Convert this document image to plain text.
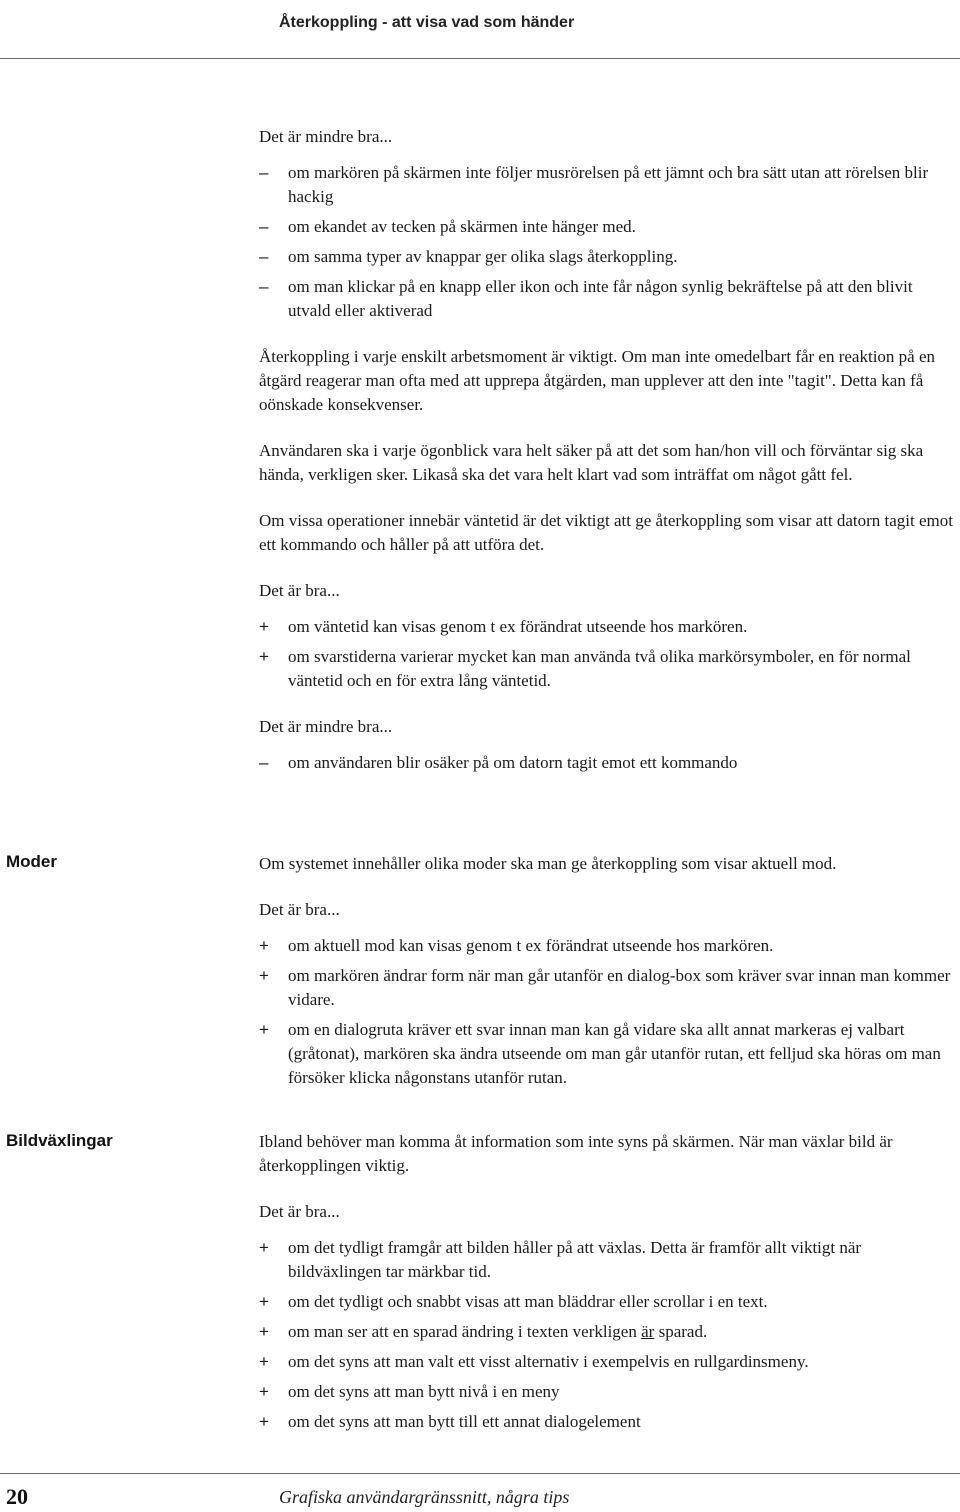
Återkoppling - att visa vad som händer
Moder
Bildväxlingar

Det är mindre bra...

–	om markören på skärmen inte följer musrörelsen på ett jämnt och bra sätt utan att rörelsen blir hackig
–	om ekandet av tecken på skärmen inte hänger med.
–	om samma typer av knappar ger olika slags återkoppling.
–	om man klickar på en knapp eller ikon och inte får någon synlig bekräftelse på att den blivit utvald eller aktiverad

Återkoppling i varje enskilt arbetsmoment är viktigt. Om man inte omedelbart får en reaktion på en åtgärd reagerar man ofta med att upprepa åtgärden, man upplever att den inte "tagit". Detta kan få oönskade konsekvenser.

Användaren ska i varje ögonblick vara helt säker på att det som han/hon vill och förväntar sig ska hända, verkligen sker. Likaså ska det vara helt klart vad som inträffat om något gått fel.

Om vissa operationer innebär väntetid är det viktigt att ge återkoppling som visar att datorn tagit emot ett kommando och håller på att utföra det.

Det är bra...

+	om väntetid kan visas genom t ex förändrat utseende hos markören.
+	om svarstiderna varierar mycket kan man använda två olika markörsymboler, en för normal väntetid och en för extra lång väntetid.

Det är mindre bra...

–	om användaren blir osäker på om datorn tagit emot ett kommando

Om systemet innehåller olika moder ska man ge återkoppling som visar aktuell mod.

Det är bra...

+	om aktuell mod kan visas genom t ex förändrat utseende hos markören.
+	om markören ändrar form när man går utanför en dialog-box som kräver svar innan man kommer vidare.
+	om en dialogruta kräver ett svar innan man kan gå vidare ska allt annat markeras ej valbart (gråtonat), markören ska ändra utseende om man går utanför rutan, ett felljud ska höras om man försöker klicka någonstans utanför rutan.

Ibland behöver man komma åt information som inte syns på skärmen. När man växlar bild är återkopplingen viktig.

Det är bra...

+	om det tydligt framgår att bilden håller på att växlas. Detta är framför allt viktigt när bildväxlingen tar märkbar tid.
+	om det tydligt och snabbt visas att man bläddrar eller scrollar i en text.
+	om man ser att en sparad ändring i texten verkligen är sparad.
+	om det syns att man valt ett visst alternativ i exempelvis en rullgardinsmeny.
+	om det syns att man bytt nivå i en meny
+	om det syns att man bytt till ett annat dialogelement
20	Grafiska användargränssnitt, några tips
